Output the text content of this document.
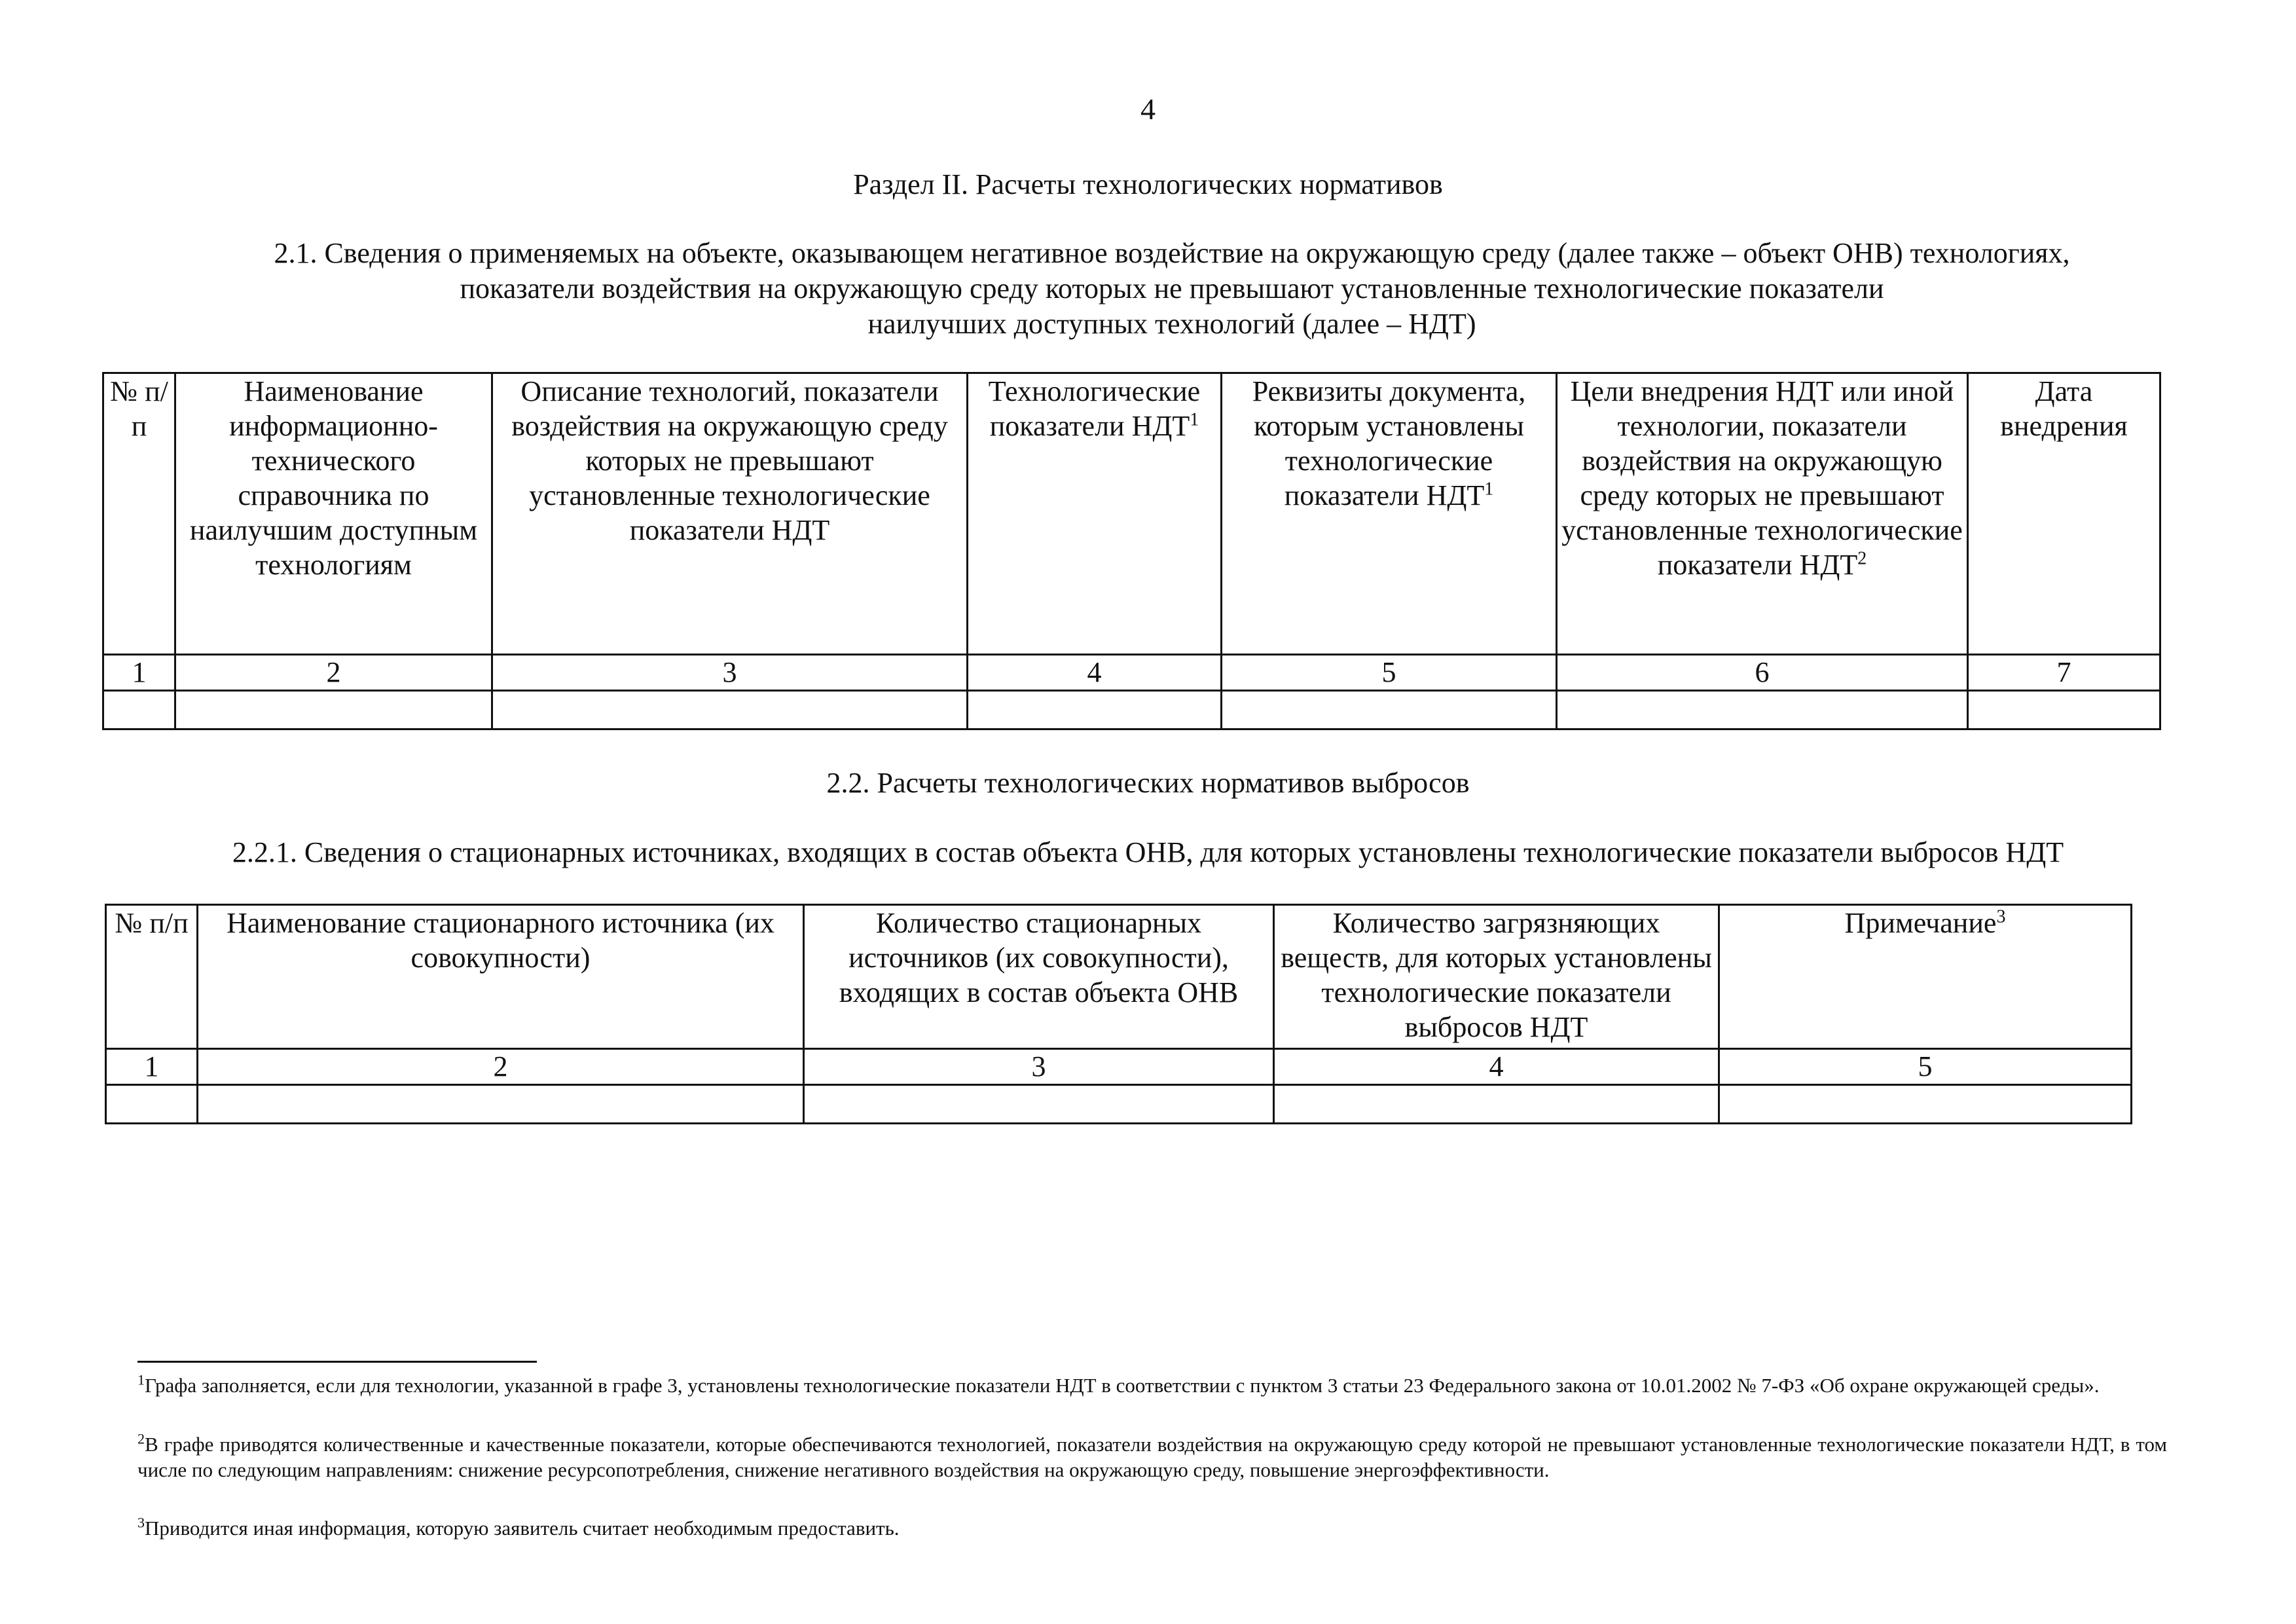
4
Раздел II. Расчеты технологических нормативов
2.1. Сведения о применяемых на объекте, оказывающем негативное воздействие на окружающую среду (далее также – объект ОНВ) технологиях,
показатели воздействия на окружающую среду которых не превышают установленные технологические показатели
наилучших доступных технологий (далее – НДТ)
№ п/п	Наименование информационно-технического справочника по наилучшим доступным технологиям	Описание технологий, показатели воздействия на окружающую среду которых не превышают установленные технологические показатели НДТ	Технологические показатели НДТ$^1$	Реквизиты документа, которым установлены технологические показатели НДТ$^1$	Цели внедрения НДТ или иной технологии, показатели воздействия на окружающую среду которых не превышают установленные технологические показатели НДТ$^2$	Дата внедрения
1	2	3	4	5	6	7

2.2. Расчеты технологических нормативов выбросов
2.2.1. Сведения о стационарных источниках, входящих в состав объекта ОНВ, для которых установлены технологические показатели выбросов НДТ
№ п/п	Наименование стационарного источника (их совокупности)	Количество стационарных источников (их совокупности), входящих в состав объекта ОНВ	Количество загрязняющих веществ, для которых установлены технологические показатели выбросов НДТ	Примечание$^3$
1	2	3	4	5

$^1$Графа заполняется, если для технологии, указанной в графе 3, установлены технологические показатели НДТ в соответствии с пунктом 3 статьи 23 Федерального закона от 10.01.2002 № 7-ФЗ «Об охране окружающей среды».
$^2$В графе приводятся количественные и качественные показатели, которые обеспечиваются технологией, показатели воздействия на окружающую среду которой не превышают установленные технологические показатели НДТ, в том числе по следующим направлениям: снижение ресурсопотребления, снижение негативного воздействия на окружающую среду, повышение энергоэффективности.
$^3$Приводится иная информация, которую заявитель считает необходимым предоставить.
